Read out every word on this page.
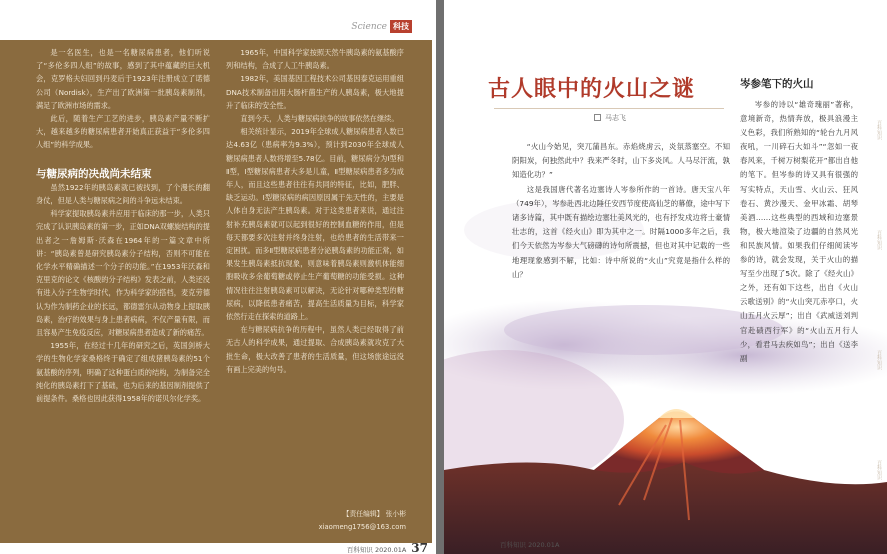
Science 科技

是一名医生，也是一名糖尿病患者，他们听说了“多伦多四人组”的故事，感到了其中蕴藏的巨大机会，克罗格夫妇回到丹麦后于1923年注册成立了诺德公司（Nordisk），生产出了欧洲第一批胰岛素制剂，满足了欧洲市场的需求。

此后，随着生产工艺的进步，胰岛素产量不断扩大，越来越多的糖尿病患者开始真正获益于“多伦多四人组”的科学成果。

与糖尿病的决战尚未结束

虽然1922年的胰岛素就已被找到，了个漫长的翻身仗，但是人类与糖尿病之间的斗争远未结束。

科学家提取胰岛素并应用于临床的那一步，人类只完成了认识胰岛素的第一步，正如DNA双螺旋结构的提出者之一詹姆斯·沃森在1964年的一篇文章中所讲：“胰岛素曾是研究胰岛素分子结构，否则不可能在化学水平精确描述一个分子的功能。”在1953年沃森和克里克的论文《核酸的分子结构》发表之前，人类还没有进入分子生物学时代，作为科学家的搭档，麦克劳德认为作为制药企业的长远，都德雷尔从动物身上提取胰岛素，治疗的效果与身上患者病病，不仅产量有限，而且容易产生免疫反应，对糖尿病患者造成了新的痛苦。

1955年，在经过十几年的研究之后，英国剑桥大学的生物化学家桑格终于确定了组成猪胰岛素的51个氨基酸的序列，明确了这种蛋白质的结构，为制备完全纯化的胰岛素打下了基础，也为后来的基因制剂提供了前提条件。桑格也因此获得1958年的诺贝尔化学奖。

1965年，中国科学家按照天然牛胰岛素的氨基酸序列和结构，合成了人工牛胰岛素。

1982年，美国基因工程技术公司基因泰克运用重组DNA技术制备出用大肠杆菌生产的人胰岛素，极大地提升了临床的安全性。

直到今天，人类与糖尿病抗争的故事依然在继续。

相关统计显示，2019年全球成人糖尿病患者人数已达4.63亿（患病率为9.3%），预计到2030年全球成人糖尿病患者人数将增至5.78亿。目前，糖尿病分为Ⅰ型和Ⅱ型，Ⅰ型糖尿病患者大多是儿童，Ⅱ型糖尿病患者多为成年人，而且这些患者往往有共同的特征，比如，肥胖、缺乏运动。Ⅰ型糖尿病的病因原因属于先天性的，主要是人体自身无法产生胰岛素。对于这类患者来说，通过注射补充胰岛素就可以起到很好的控制血糖的作用，但是每天都要多次注射并终身注射，也给患者的生活带来一定困扰。而多Ⅱ型糖尿病患者分泌胰岛素的功能正常，如果发生胰岛素抵抗现象，则意味着胰岛素则激机体能细胞吸收多余葡萄糖或停止生产葡萄糖的功能受损。这种情况往往注射胰岛素可以解决，无论针对哪种类型的糖尿病，以降低患者痛苦，提高生活质量为目标，科学家依然行走在探索的道路上。

在与糖尿病抗争的历程中，虽然人类已经取得了前无古人的科学成果，通过提取、合成胰岛素就攻克了大批生命，极大改善了患者的生活质量，但这场旅途远没有画上完美的句号。

【责任编辑】 张小彬
xiaomeng1756@163.com
百科知识 2020.01A 37
古人眼中的火山之谜
马志飞

“火山今始见，突兀蒲昌东。赤焰烧虏云，炎氛蒸塞空。不知阴阳炭，何独然此中？我来严冬时，山下多炎风。人马尽汗流，孰知造化功？”

这是我国唐代著名边塞诗人岑参所作的一首诗。唐天宝八年（749年），岑参赴西北边陲任安西节度使高仙芝的幕僚，途中写下诸多诗篇，其中既有描绘边塞壮美风光的，也有抒发戍边将士豪情壮志的，这首《经火山》即为其中之一。时隔1000多年之后，我们今天依然为岑参大气磅礴的诗句所震撼，但也对其中记载的一些地理现象感到不解，比如：诗中所说的“火山”究竟是指什么样的山？

岑参笔下的火山

岑参的诗以“雄奇瑰丽”著称，意境新奇，热情奔放，极具浪漫主义色彩，我们所熟知的“轮台九月风夜吼，一川碎石大如斗”“忽如一夜春风来，千树万树梨花开”都出自他的笔下。但岑参的诗又具有很强的写实特点，天山雪、火山云、狂风卷石、黄沙漫天、金甲冰霜、胡琴美酒……这些典型的西域和边塞景物，极大地渲染了边疆的自然风光和民族风情。如果我们仔细阅读岑参的诗，就会发现，关于火山的描写至少出现了5次。除了《经火山》之外，还有如下这些，出自《火山云歌送别》的“火山突兀赤亭口，火山五月火云厚”；出自《武威送刘判官赴碛西行军》的“火山五月行人少，看君马去疾如鸟”；出自《送李副

百科知识
百科知识
百科知识
百科知识
百科知识 2020.01A
